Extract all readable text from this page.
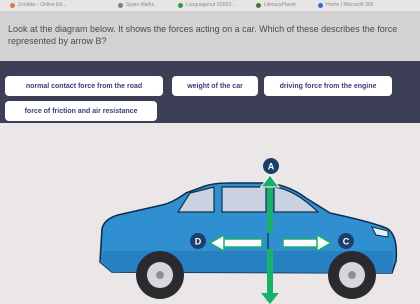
Zondike - Online Ed...	Sparx Maths	Languagenut V2023...	LiteracyPlanet	Home | Microsoft 365
Look at the diagram below. It shows the forces acting on a car. Which of these describes the force represented by arrow B?
normal contact force from the road	weight of the car	driving force from the engine
force of friction and air resistance
A
D	C
